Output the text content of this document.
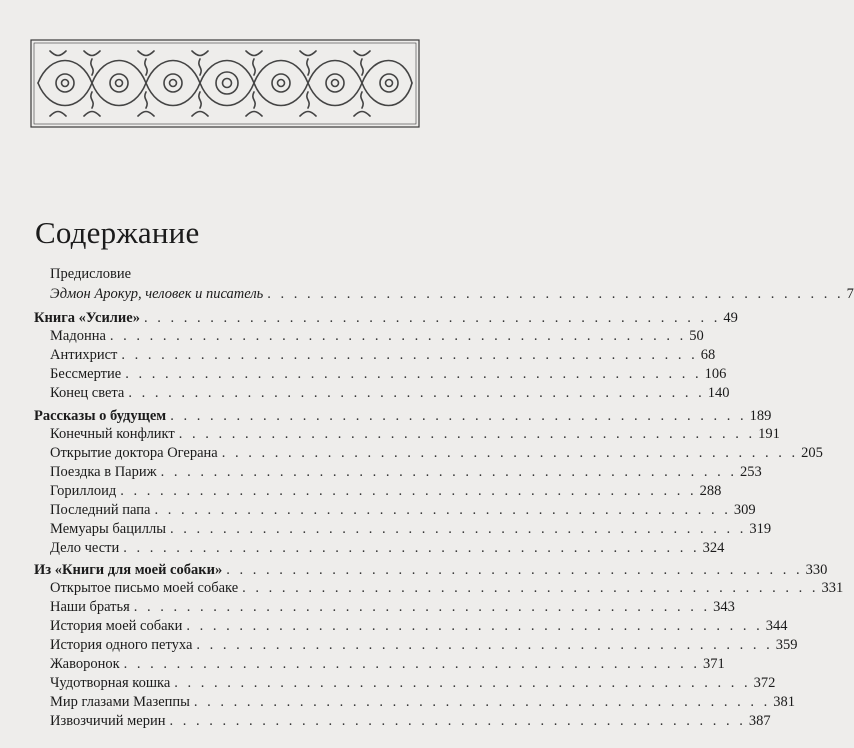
Содержание
Предисловие
Эдмон Арокур, человек и писатель . . . . . . . . . . . . . . . . . . . . . . . . . . . . . . . . . . . . . . . . . . . . 7
Книга «Усилие» . . . . . . . . . . . . . . . . . . . . . . . . . . . . . . . . . . . . . . . . . . . . 49
Мадонна . . . . . . . . . . . . . . . . . . . . . . . . . . . . . . . . . . . . . . . . . . . . 50
Антихрист . . . . . . . . . . . . . . . . . . . . . . . . . . . . . . . . . . . . . . . . . . . . 68
Бессмертие . . . . . . . . . . . . . . . . . . . . . . . . . . . . . . . . . . . . . . . . . . . . 106
Конец света . . . . . . . . . . . . . . . . . . . . . . . . . . . . . . . . . . . . . . . . . . . . 140
Рассказы о будущем . . . . . . . . . . . . . . . . . . . . . . . . . . . . . . . . . . . . . . . . . . . . 189
Конечный конфликт . . . . . . . . . . . . . . . . . . . . . . . . . . . . . . . . . . . . . . . . . . . . 191
Открытие доктора Огерана . . . . . . . . . . . . . . . . . . . . . . . . . . . . . . . . . . . . . . . . . . . . 205
Поездка в Париж . . . . . . . . . . . . . . . . . . . . . . . . . . . . . . . . . . . . . . . . . . . . 253
Гориллоид . . . . . . . . . . . . . . . . . . . . . . . . . . . . . . . . . . . . . . . . . . . . 288
Последний папа . . . . . . . . . . . . . . . . . . . . . . . . . . . . . . . . . . . . . . . . . . . . 309
Мемуары бациллы . . . . . . . . . . . . . . . . . . . . . . . . . . . . . . . . . . . . . . . . . . . . 319
Дело чести . . . . . . . . . . . . . . . . . . . . . . . . . . . . . . . . . . . . . . . . . . . . 324
Из «Книги для моей собаки» . . . . . . . . . . . . . . . . . . . . . . . . . . . . . . . . . . . . . . . . . . . . 330
Открытое письмо моей собаке . . . . . . . . . . . . . . . . . . . . . . . . . . . . . . . . . . . . . . . . . . . . 331
Наши братья . . . . . . . . . . . . . . . . . . . . . . . . . . . . . . . . . . . . . . . . . . . . 343
История моей собаки . . . . . . . . . . . . . . . . . . . . . . . . . . . . . . . . . . . . . . . . . . . . 344
История одного петуха . . . . . . . . . . . . . . . . . . . . . . . . . . . . . . . . . . . . . . . . . . . . 359
Жаворонок . . . . . . . . . . . . . . . . . . . . . . . . . . . . . . . . . . . . . . . . . . . . 371
Чудотворная кошка . . . . . . . . . . . . . . . . . . . . . . . . . . . . . . . . . . . . . . . . . . . . 372
Мир глазами Мазеппы . . . . . . . . . . . . . . . . . . . . . . . . . . . . . . . . . . . . . . . . . . . . 381
Извозчичий мерин . . . . . . . . . . . . . . . . . . . . . . . . . . . . . . . . . . . . . . . . . . . . 387
